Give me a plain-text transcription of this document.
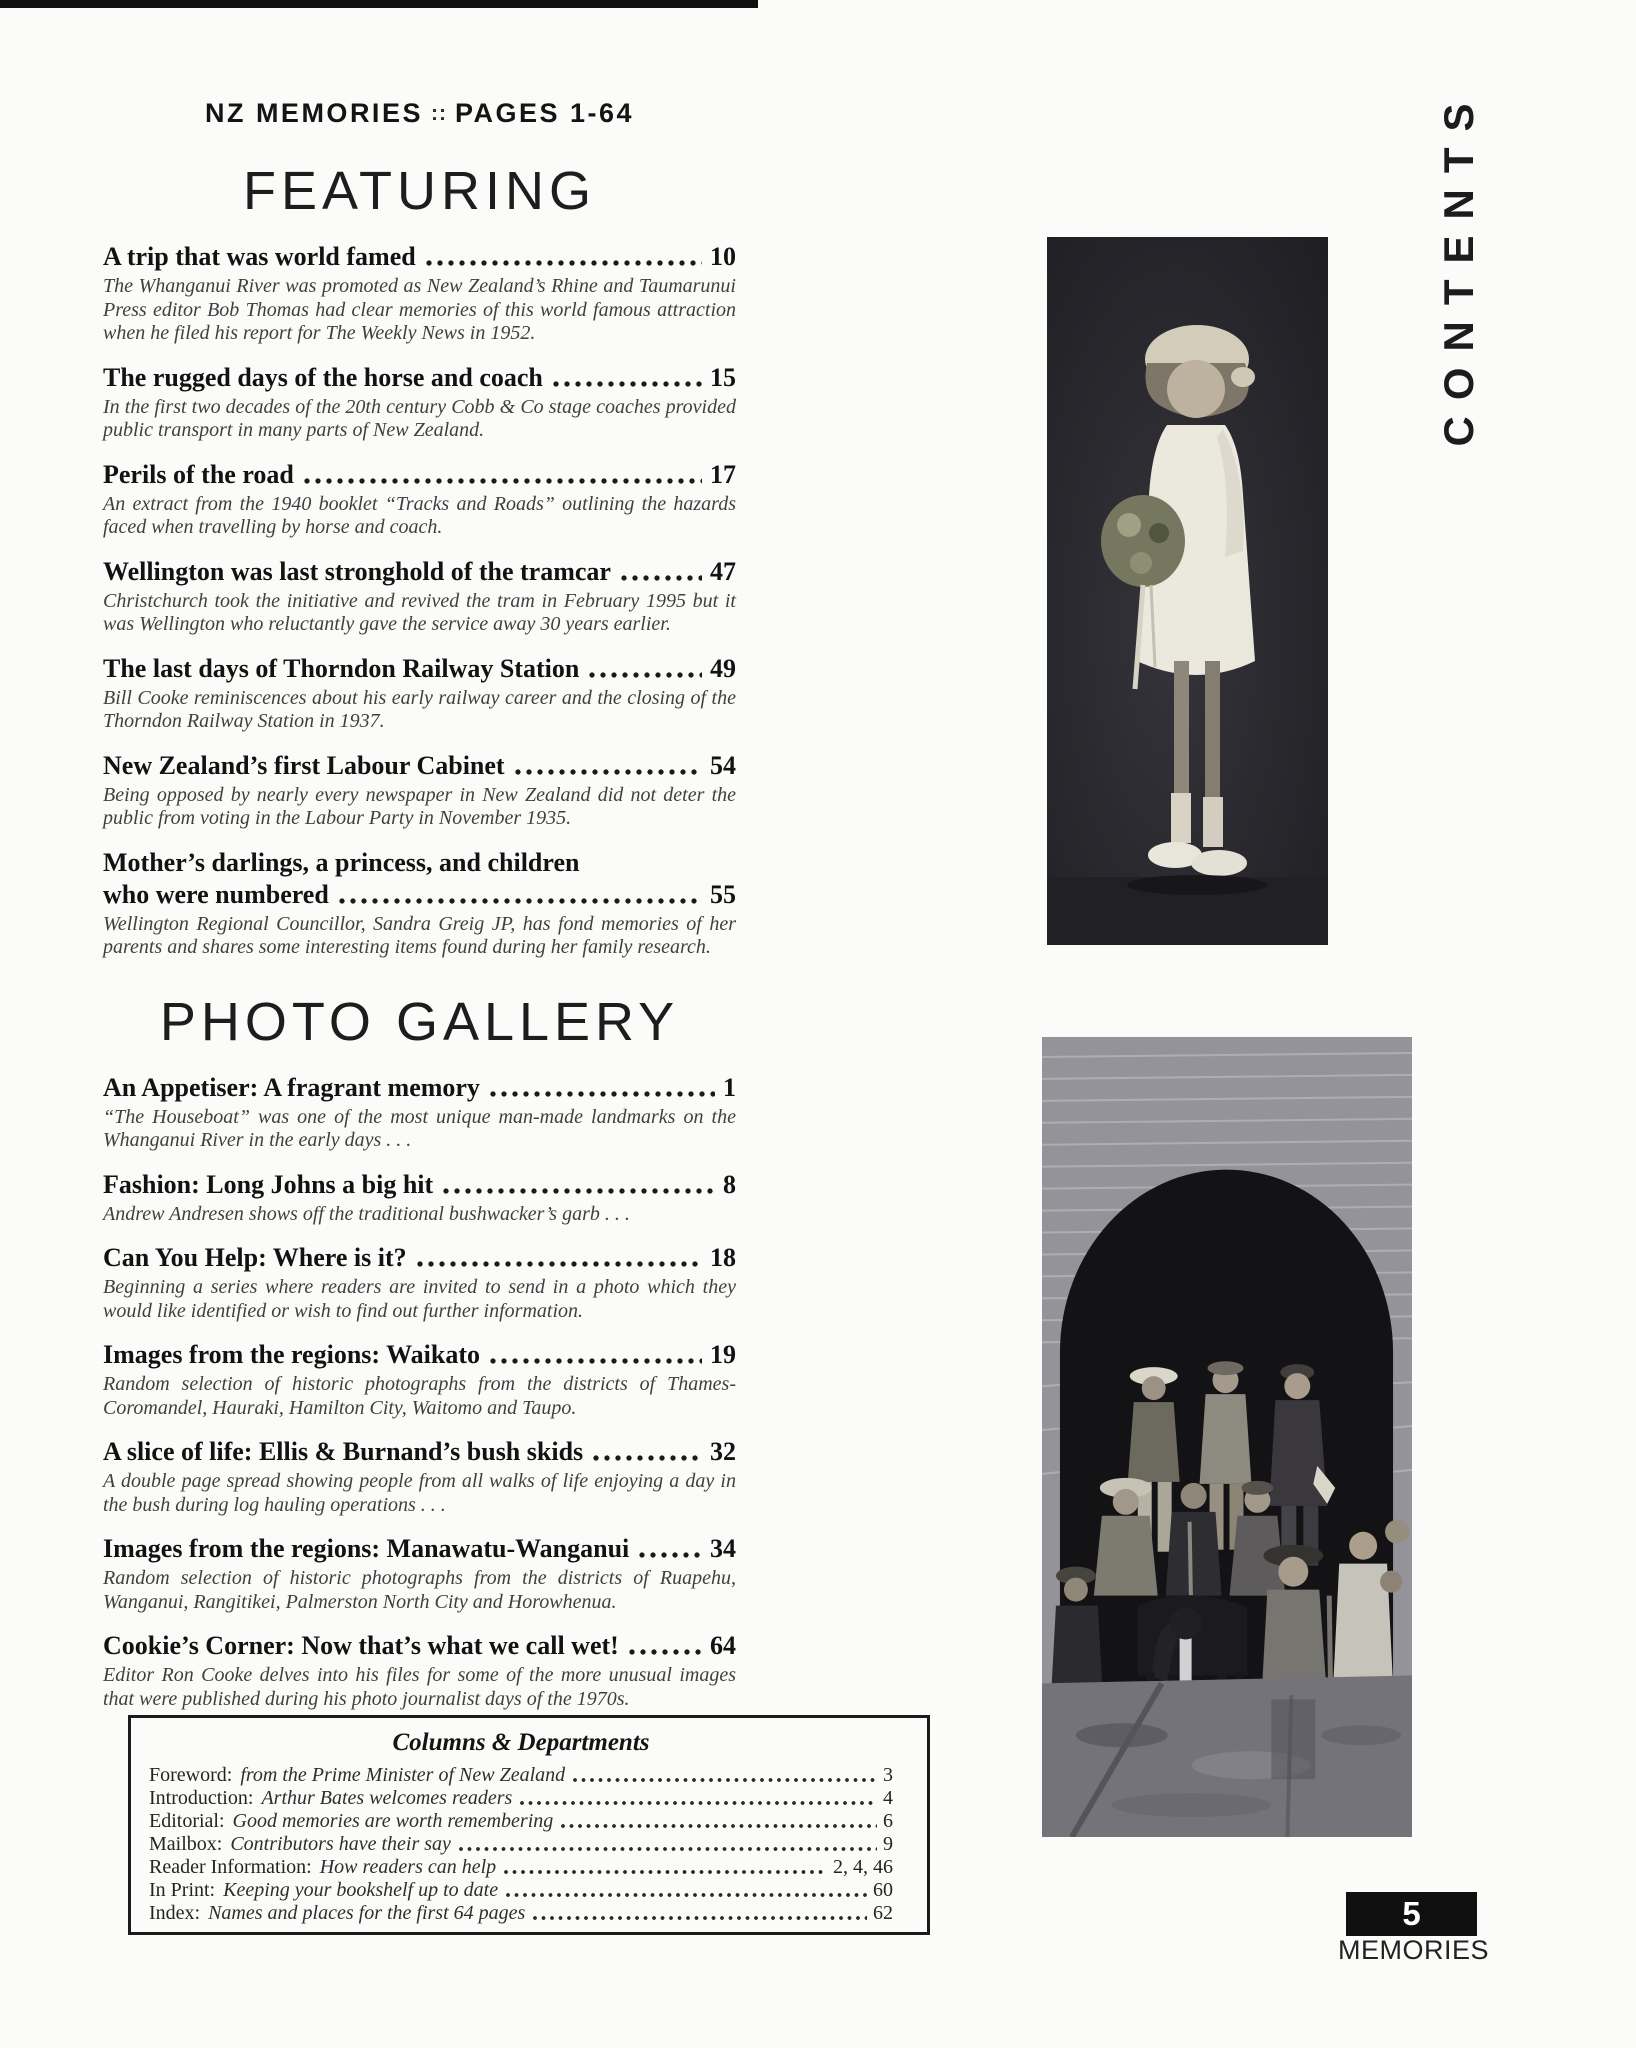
NZ MEMORIES :: PAGES 1-64
FEATURING
A trip that was world famed	10
The Whanganui River was promoted as New Zealand’s Rhine and Taumarunui Press editor Bob Thomas had clear memories of this world famous attraction when he filed his report for The Weekly News in 1952.
The rugged days of the horse and coach	15
In the first two decades of the 20th century Cobb & Co stage coaches provided public transport in many parts of New Zealand.
Perils of the road	17
An extract from the 1940 booklet “Tracks and Roads” outlining the hazards faced when travelling by horse and coach.
Wellington was last stronghold of the tramcar	47
Christchurch took the initiative and revived the tram in February 1995 but it was Wellington who reluctantly gave the service away 30 years earlier.
The last days of Thorndon Railway Station	49
Bill Cooke reminiscences about his early railway career and the closing of the Thorndon Railway Station in 1937.
New Zealand’s first Labour Cabinet	54
Being opposed by nearly every newspaper in New Zealand did not deter the public from voting in the Labour Party in November 1935.
Mother’s darlings, a princess, and children
who were numbered	55
Wellington Regional Councillor, Sandra Greig JP, has fond memories of her parents and shares some interesting items found during her family research.
PHOTO GALLERY
An Appetiser: A fragrant memory	1
“The Houseboat” was one of the most unique man-made landmarks on the Whanganui River in the early days . . .
Fashion: Long Johns a big hit	8
Andrew Andresen shows off the traditional bushwacker’s garb . . .
Can You Help: Where is it?	18
Beginning a series where readers are invited to send in a photo which they would like identified or wish to find out further information.
Images from the regions: Waikato	19
Random selection of historic photographs from the districts of Thames-Coromandel, Hauraki, Hamilton City, Waitomo and Taupo.
A slice of life: Ellis & Burnand’s bush skids	32
A double page spread showing people from all walks of life enjoying a day in the bush during log hauling operations . . .
Images from the regions: Manawatu-Wanganui	34
Random selection of historic photographs from the districts of Ruapehu, Wanganui, Rangitikei, Palmerston North City and Horowhenua.
Cookie’s Corner: Now that’s what we call wet!	64
Editor Ron Cooke delves into his files for some of the more unusual images that were published during his photo journalist days of the 1970s.
Columns & Departments
Foreword: from the Prime Minister of New Zealand	3
Introduction: Arthur Bates welcomes readers	4
Editorial: Good memories are worth remembering	6
Mailbox: Contributors have their say	9
Reader Information: How readers can help	2, 4, 46
In Print: Keeping your bookshelf up to date	60
Index: Names and places for the first 64 pages	62
CONTENTS
5
MEMORIES
